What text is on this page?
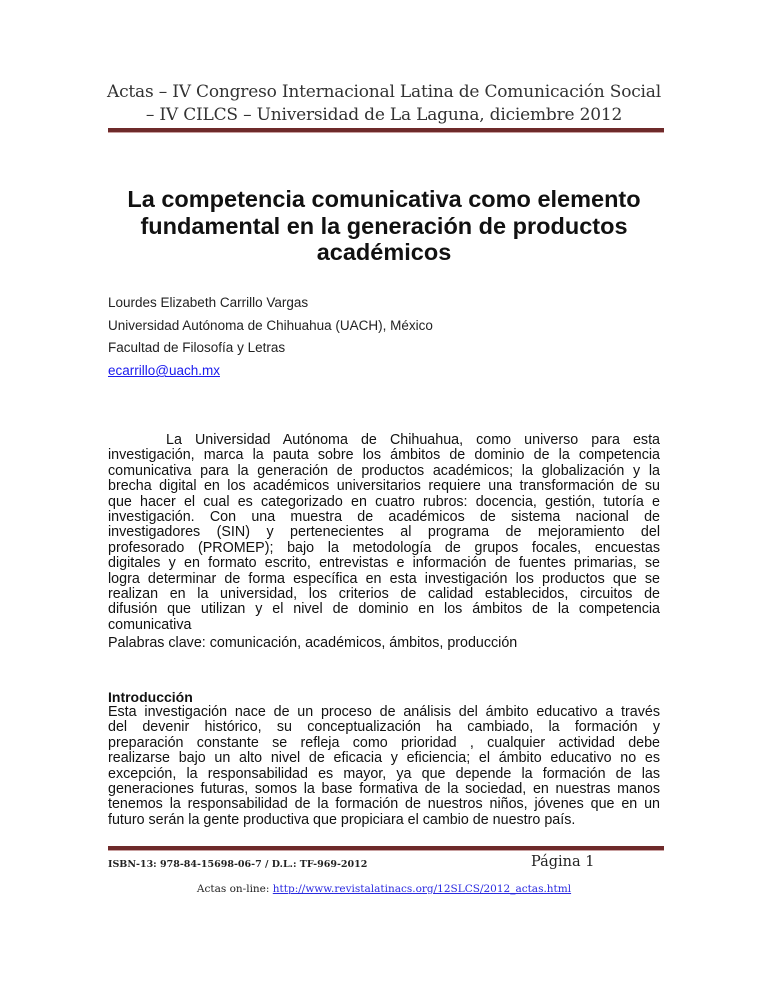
Actas – IV Congreso Internacional Latina de Comunicación Social
– IV CILCS – Universidad de La Laguna, diciembre 2012
La competencia comunicativa como elemento
fundamental en la generación de productos
académicos
Lourdes Elizabeth Carrillo Vargas
Universidad Autónoma de Chihuahua (UACH), México
Facultad de Filosofía y Letras
ecarrillo@uach.mx
La Universidad Autónoma de Chihuahua, como universo para esta
investigación, marca la pauta sobre los ámbitos de dominio de la competencia
comunicativa para la generación de productos académicos; la globalización y la
brecha digital en los académicos universitarios requiere una transformación de su
que hacer el cual es categorizado en cuatro rubros: docencia, gestión, tutoría e
investigación. Con una muestra de académicos de sistema nacional de
investigadores (SIN) y pertenecientes al programa de mejoramiento del
profesorado (PROMEP); bajo la metodología de grupos focales, encuestas
digitales y en formato escrito, entrevistas e información de fuentes primarias, se
logra determinar de forma específica en esta investigación los productos que se
realizan en la universidad, los criterios de calidad establecidos, circuitos de
difusión que utilizan y el nivel de dominio en los ámbitos de la competencia
comunicativa
Palabras clave: comunicación, académicos, ámbitos, producción
Introducción
Esta investigación nace de un proceso de análisis del ámbito educativo a través
del devenir histórico, su conceptualización ha cambiado, la formación y
preparación constante se refleja como prioridad , cualquier actividad debe
realizarse bajo un alto nivel de eficacia y eficiencia; el ámbito educativo no es
excepción, la responsabilidad es mayor, ya que depende la formación de las
generaciones futuras, somos la base formativa de la sociedad, en nuestras manos
tenemos la responsabilidad de la formación de nuestros niños, jóvenes que en un
futuro serán la gente productiva que propiciara el cambio de nuestro país.
ISBN-13: 978-84-15698-06-7 / D.L.: TF-969-2012	Página 1
Actas on-line: http://www.revistalatinacs.org/12SLCS/2012_actas.html
